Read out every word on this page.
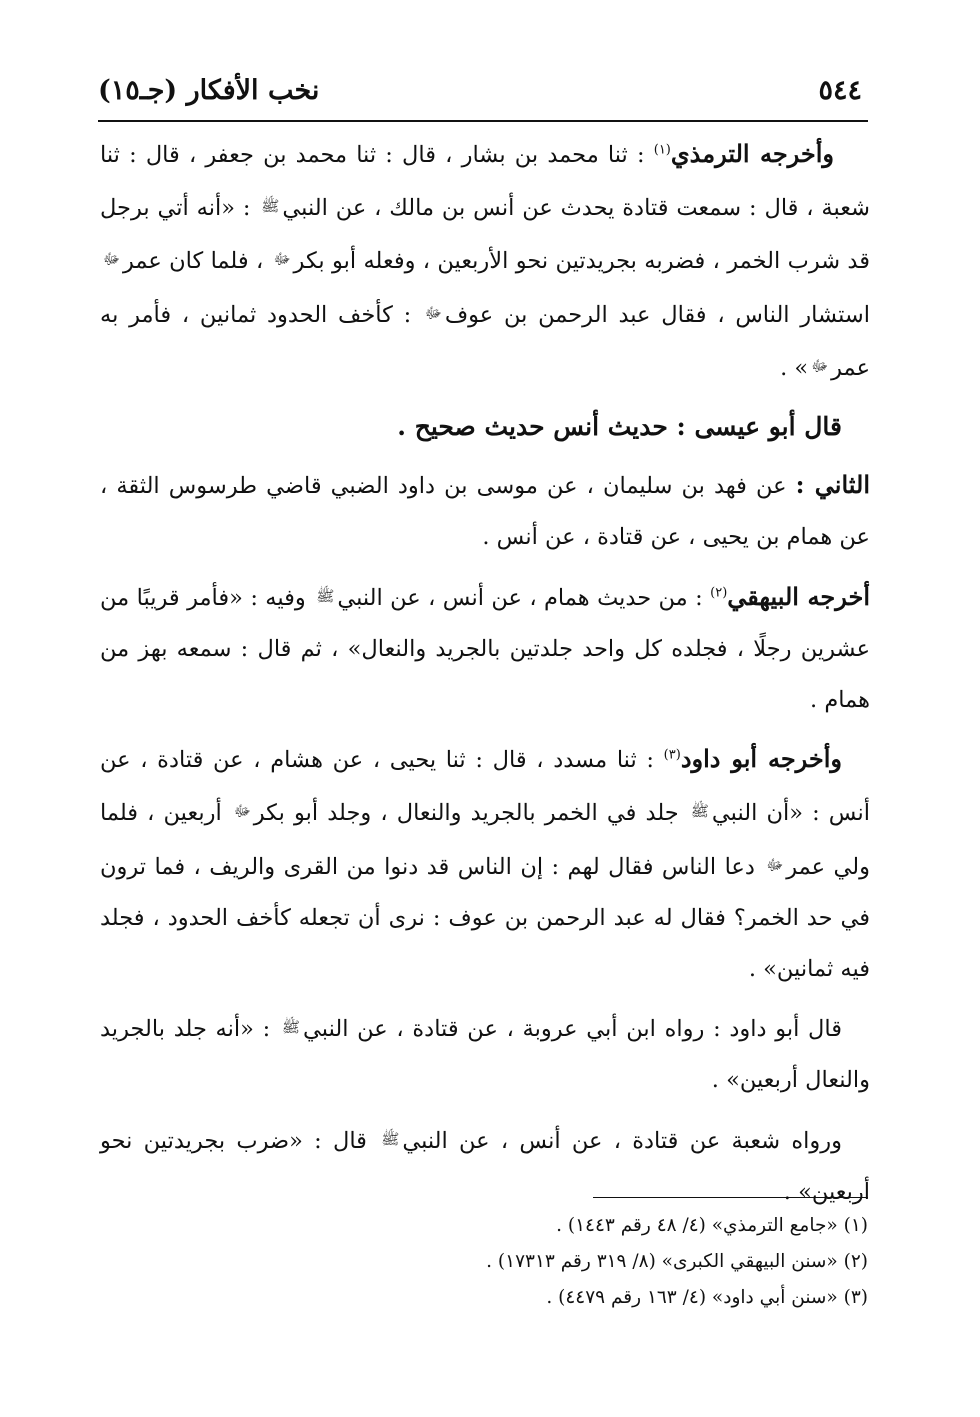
٥٤٤
نخب الأفكار (جـ١٥)

وأخرجه الترمذي$^{(١)}$ : ثنا محمد بن بشار ، قال : ثنا محمد بن جعفر ، قال : ثنا شعبة ، قال : سمعت قتادة يحدث عن أنس بن مالك ، عن النبيﷺ : «أنه أتي برجل قد شرب الخمر ، فضربه بجريدتين نحو الأربعين ، وفعله أبو بكرﷻ ، فلما كان عمرﷻ استشار الناس ، فقال عبد الرحمن بن عوفﷻ : كأخف الحدود ثمانين ، فأمر به عمرﷻ» .

قال أبو عيسى : حديث أنس حديث صحيح .

الثاني : عن فهد بن سليمان ، عن موسى بن داود الضبي قاضي طرسوس الثقة ، عن همام بن يحيى ، عن قتادة ، عن أنس .

أخرجه البيهقي$^{(٢)}$ : من حديث همام ، عن أنس ، عن النبيﷺ وفيه : «فأمر قريبًا من عشرين رجلًا ، فجلده كل واحد جلدتين بالجريد والنعال» ، ثم قال : سمعه بهز من همام .

وأخرجه أبو داود$^{(٣)}$ : ثنا مسدد ، قال : ثنا يحيى ، عن هشام ، عن قتادة ، عن أنس : «أن النبيﷺ جلد في الخمر بالجريد والنعال ، وجلد أبو بكرﷻ أربعين ، فلما ولي عمرﷻ دعا الناس فقال لهم : إن الناس قد دنوا من القرى والريف ، فما ترون في حد الخمر؟ فقال له عبد الرحمن بن عوف : نرى أن تجعله كأخف الحدود ، فجلد فيه ثمانين» .

قال أبو داود : رواه ابن أبي عروبة ، عن قتادة ، عن النبيﷺ : «أنه جلد بالجريد والنعال أربعين» .

ورواه شعبة عن قتادة ، عن أنس ، عن النبيﷺ قال : «ضرب بجريدتين نحو أربعين» .

(١) «جامع الترمذي» (٤/ ٤٨ رقم ١٤٤٣) .

(٢) «سنن البيهقي الكبرى» (٨/ ٣١٩ رقم ١٧٣١٣) .

(٣) «سنن أبي داود» (٤/ ١٦٣ رقم ٤٤٧٩) .
